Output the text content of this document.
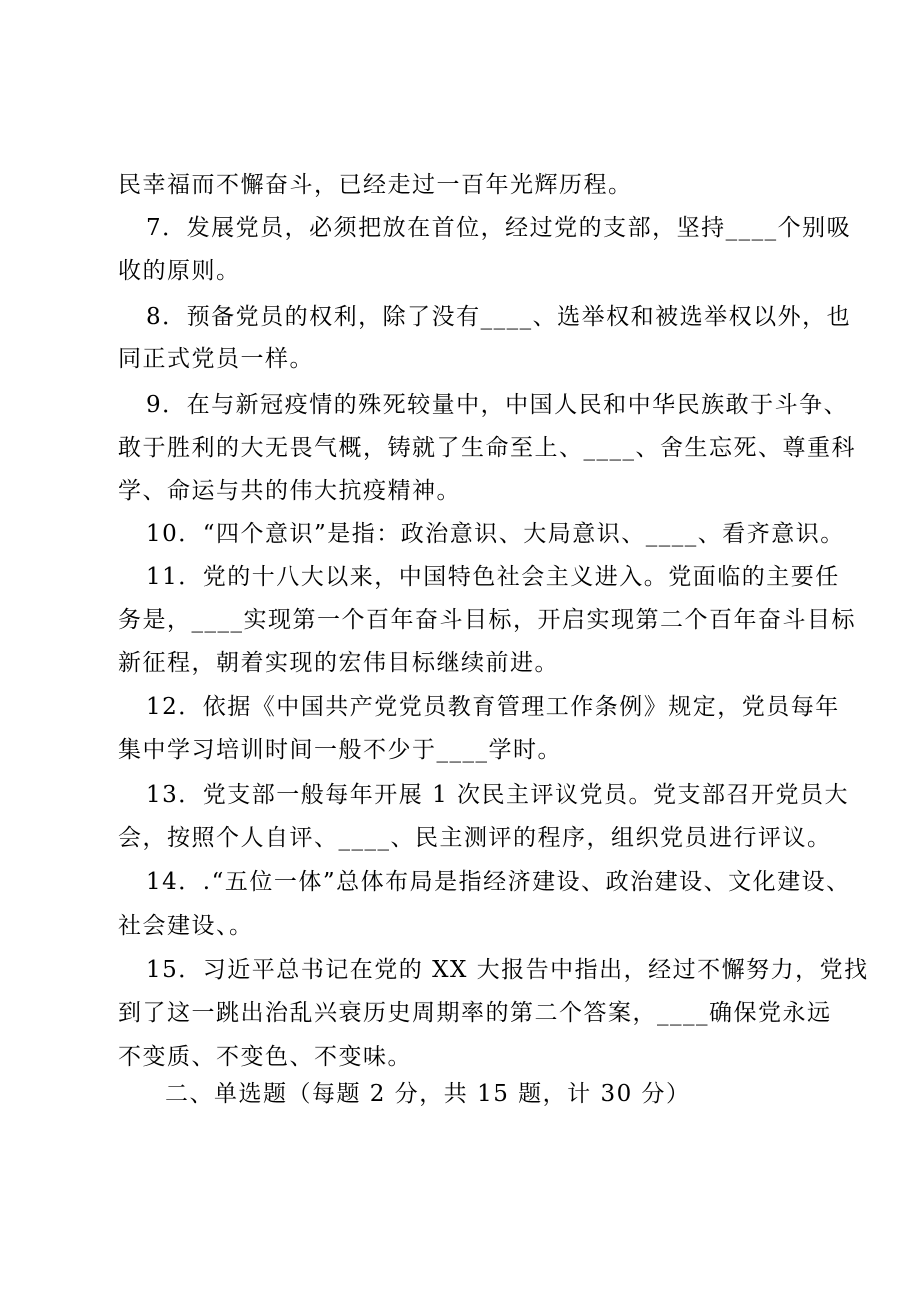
民幸福而不懈奋斗，已经走过一百年光辉历程。
7．发展党员，必须把放在首位，经过党的支部，坚持____个别吸
收的原则。
8．预备党员的权利，除了没有____、选举权和被选举权以外，也
同正式党员一样。
9．在与新冠疫情的殊死较量中，中国人民和中华民族敢于斗争、
敢于胜利的大无畏气概，铸就了生命至上、____、舍生忘死、尊重科
学、命运与共的伟大抗疫精神。
10．“四个意识”是指：政治意识、大局意识、____、看齐意识。
11．党的十八大以来，中国特色社会主义进入。党面临的主要任
务是，____实现第一个百年奋斗目标，开启实现第二个百年奋斗目标
新征程，朝着实现的宏伟目标继续前进。
12．依据《中国共产党党员教育管理工作条例》规定，党员每年
集中学习培训时间一般不少于____学时。
13．党支部一般每年开展 1 次民主评议党员。党支部召开党员大
会，按照个人自评、____、民主测评的程序，组织党员进行评议。
14．.“五位一体”总体布局是指经济建设、政治建设、文化建设、
社会建设、。
15．习近平总书记在党的 XX 大报告中指出，经过不懈努力，党找
到了这一跳出治乱兴衰历史周期率的第二个答案，____确保党永远
不变质、不变色、不变味。
二、单选题（每题 2 分，共 15 题，计 30 分）
